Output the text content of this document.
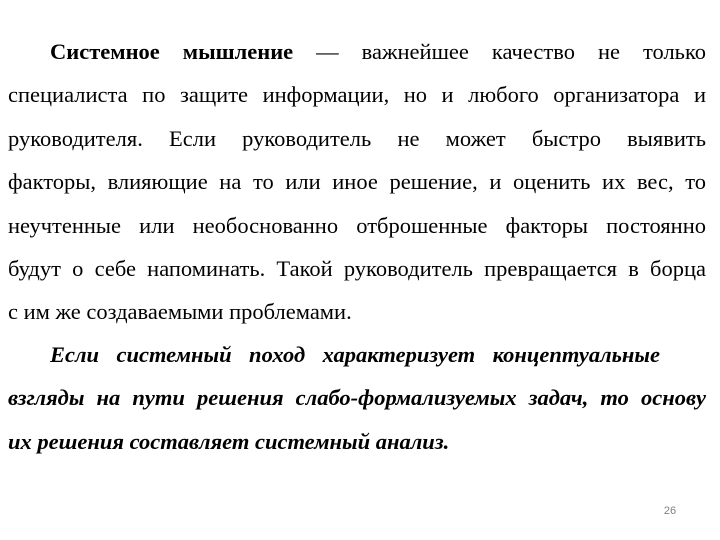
Системное мышление — важнейшее качество не только
специалиста по защите информации, но и любого организатора и
руководителя. Если руководитель не может быстро выявить
факторы, влияющие на то или иное решение, и оценить их вес, то
неучтенные или необоснованно отброшенные факторы постоянно
будут о себе напоминать. Такой руководитель превращается в борца
с им же создаваемыми проблемами.
Если системный поход характеризует концептуальные
взгляды на пути решения слабо-формализуемых задач, то основу
их решения составляет системный анализ.
26
